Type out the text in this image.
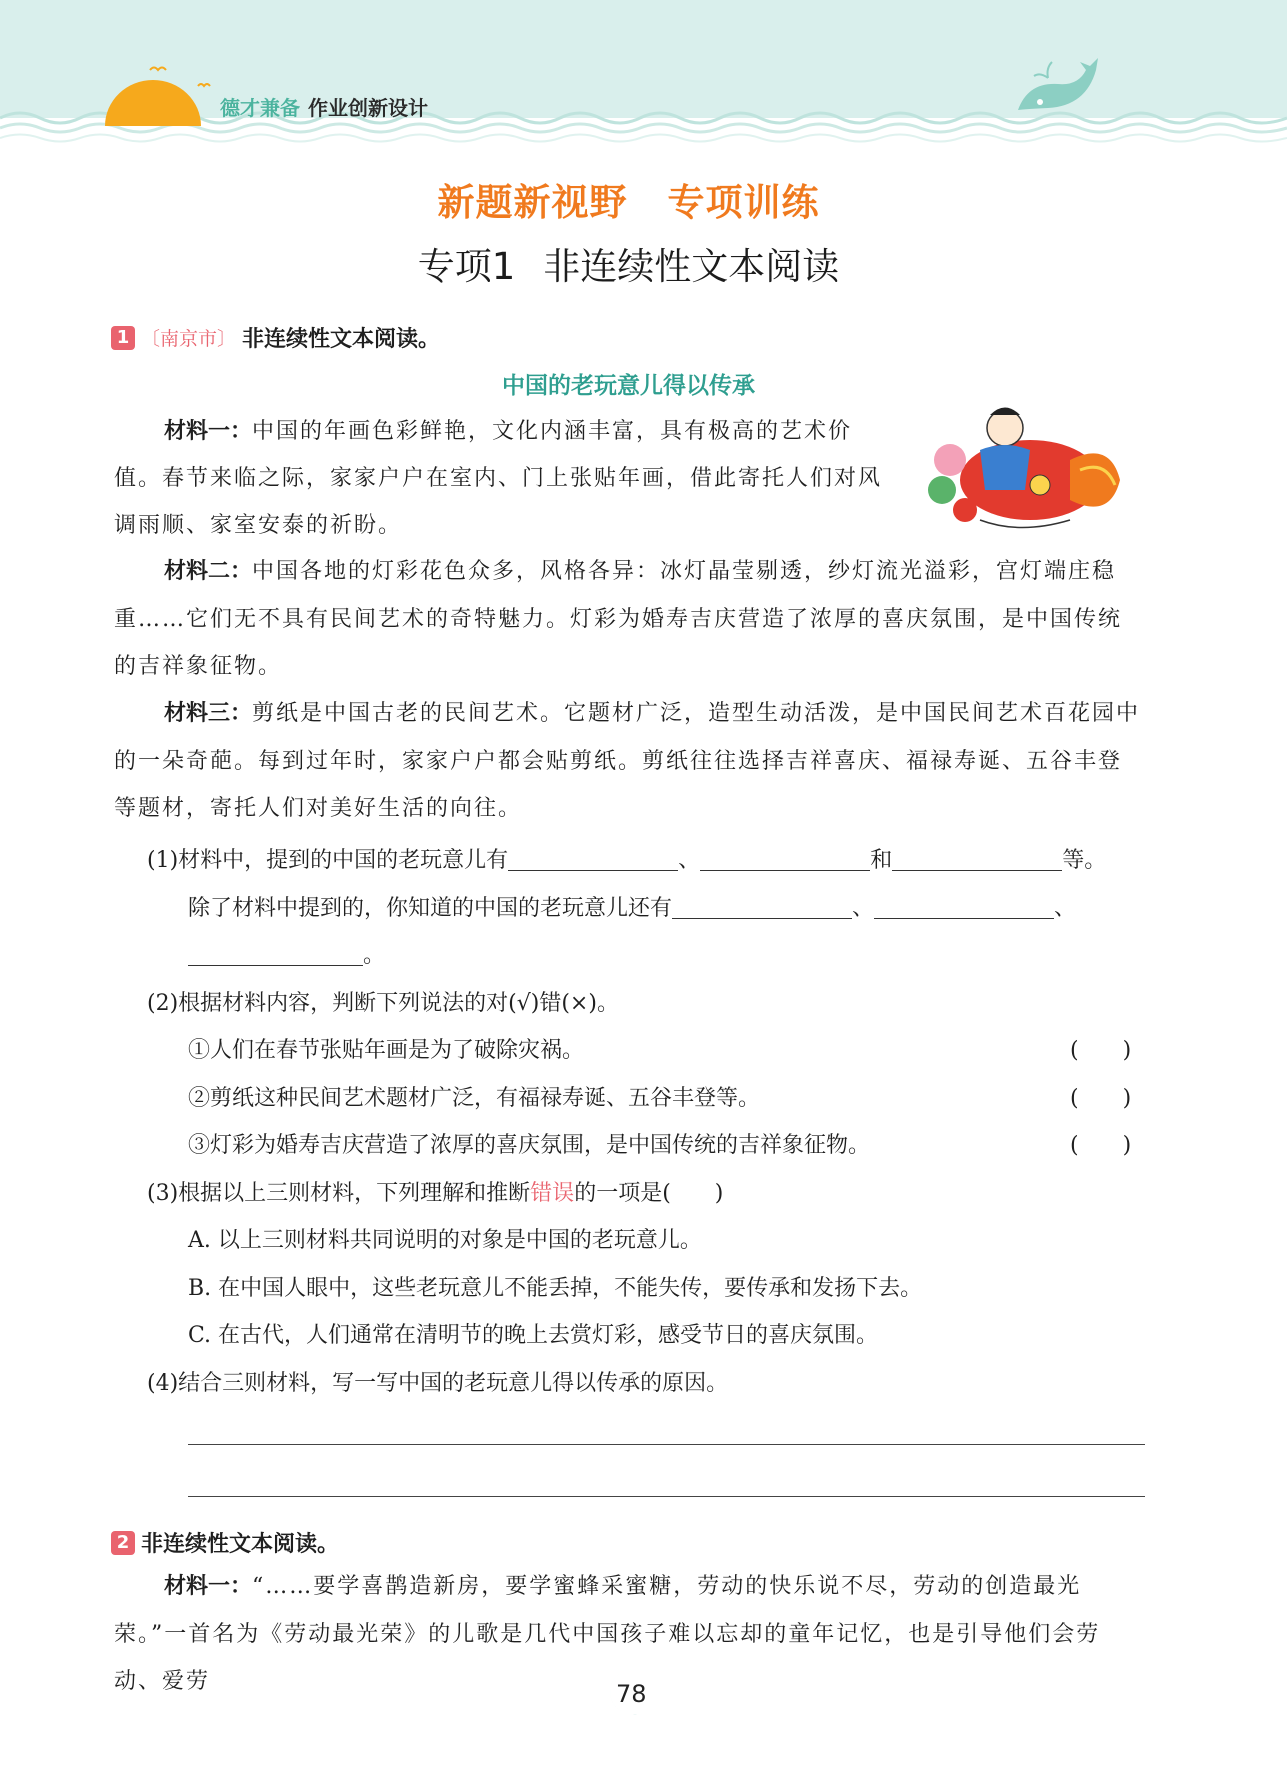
德才兼备 作业创新设计
新题新视野 专项训练
专项1 非连续性文本阅读
1 〔南京市〕 非连续性文本阅读。
中国的老玩意儿得以传承
材料一：中国的年画色彩鲜艳，文化内涵丰富，具有极高的艺术价
值。春节来临之际，家家户户在室内、门上张贴年画，借此寄托人们对风
调雨顺、家室安泰的祈盼。

材料二：中国各地的灯彩花色众多，风格各异：冰灯晶莹剔透，纱灯流光溢彩，宫灯端庄稳重……它们无不具有民间艺术的奇特魅力。灯彩为婚寿吉庆营造了浓厚的喜庆氛围，是中国传统的吉祥象征物。

材料三：剪纸是中国古老的民间艺术。它题材广泛，造型生动活泼，是中国民间艺术百花园中的一朵奇葩。每到过年时，家家户户都会贴剪纸。剪纸往往选择吉祥喜庆、福禄寿诞、五谷丰登等题材，寄托人们对美好生活的向往。

(1)材料中，提到的中国的老玩意儿有	、	和	等。
除了材料中提到的，你知道的中国的老玩意儿还有	、	、
。
(2)根据材料内容，判断下列说法的对(√)错(×)。
①人们在春节张贴年画是为了破除灾祸。	(　　)
②剪纸这种民间艺术题材广泛，有福禄寿诞、五谷丰登等。	(　　)
③灯彩为婚寿吉庆营造了浓厚的喜庆氛围，是中国传统的吉祥象征物。	(　　)
(3)根据以上三则材料，下列理解和推断错误的一项是(　　)
A. 以上三则材料共同说明的对象是中国的老玩意儿。
B. 在中国人眼中，这些老玩意儿不能丢掉，不能失传，要传承和发扬下去。
C. 在古代，人们通常在清明节的晚上去赏灯彩，感受节日的喜庆氛围。
(4)结合三则材料，写一写中国的老玩意儿得以传承的原因。
2 非连续性文本阅读。

材料一：“……要学喜鹊造新房，要学蜜蜂采蜜糖，劳动的快乐说不尽，劳动的创造最光荣。”一首名为《劳动最光荣》的儿歌是几代中国孩子难以忘却的童年记忆，也是引导他们会劳动、爱劳	78
